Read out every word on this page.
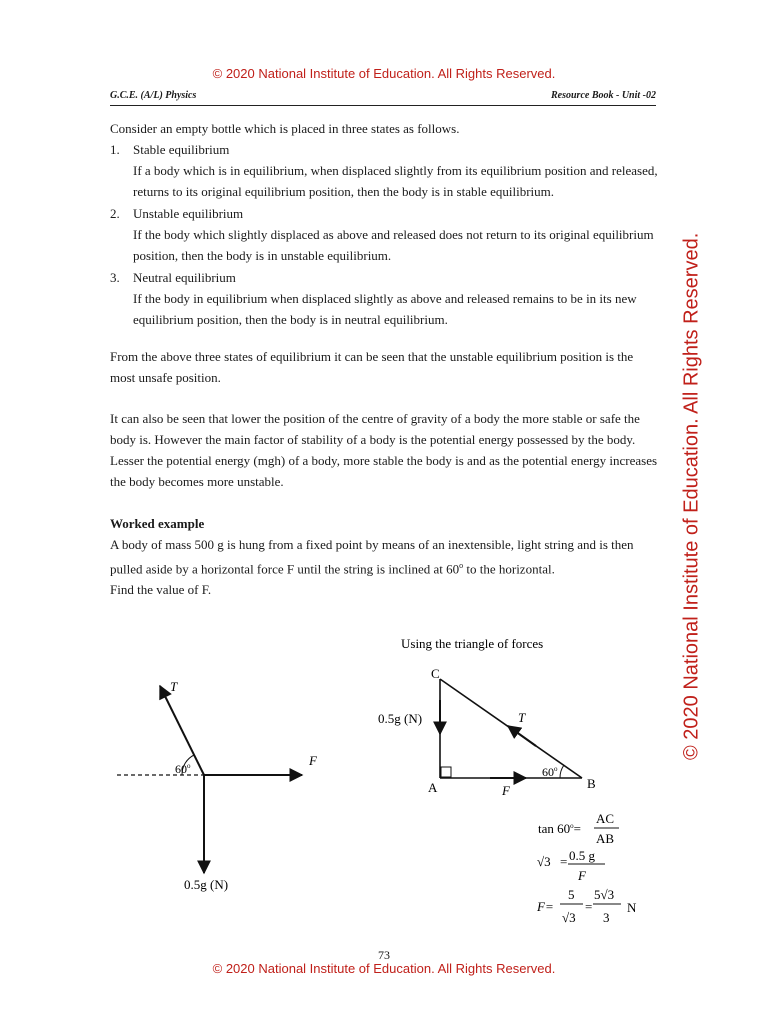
© 2020 National Institute of Education. All Rights Reserved.
© 2020 National Institute of Education. All Rights Reserved.
G.C.E. (A/L) Physics	Resource Book - Unit -02

Consider an empty bottle which is placed in three states as follows.

1. Stable equilibrium

If a body which is in equilibrium, when displaced slightly from its equilibrium position and released, returns to its original equilibrium position, then the body is in stable equilibrium.

2. Unstable equilibrium

If the body which slightly displaced as above and released does not return to its original equilibrium position, then the body is in unstable equilibrium.

3. Neutral equilibrium

If the body in equilibrium when displaced slightly as above and released remains to be in its new equilibrium position, then the body is in neutral equilibrium.

From the above three states of equilibrium it can be seen that the unstable equilibrium position is the most unsafe position.

It can also be seen that lower the position of the centre of gravity of a body the more stable or safe the body is. However the main factor of stability of a body is the potential energy possessed by the body. Lesser the potential energy (mgh) of a body, more stable the body is and as the potential energy increases the body becomes more unstable.

Worked example

A body of mass 500 g is hung from a fixed point by means of an inextensible, light string and is then pulled aside by a horizontal force F until the string is inclined at 60$^o$ to the horizontal.

Find the value of F.

T
F
60$^o$
0.5g (N)
Using the triangle of forces
C
A	B
T
F
60$^o$
0.5g (N)
$\tan 60^o=$
AC
AB
√3 = 0.5 g
F
F=
5
√3
=
5√3
3
N
73
© 2020 National Institute of Education. All Rights Reserved.
